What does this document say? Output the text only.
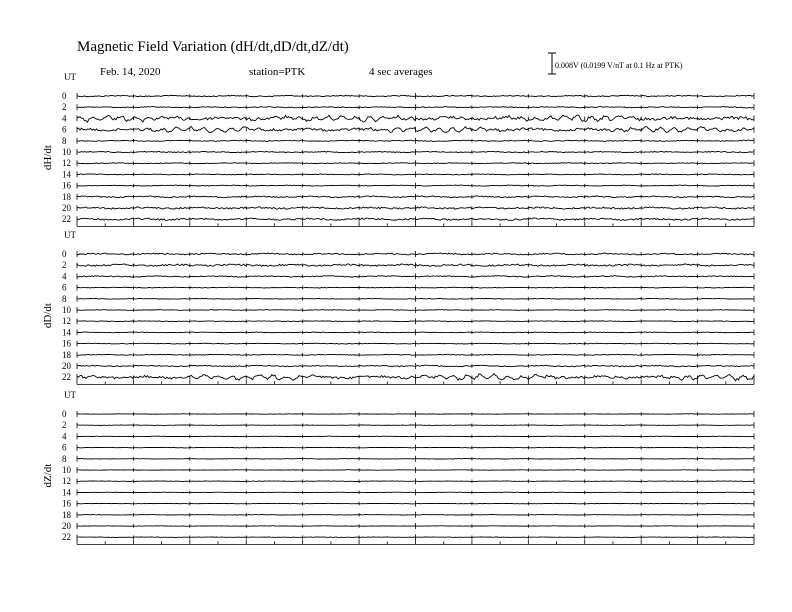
Magnetic Field Variation (dH/dt,dD/dt,dZ/dt)
Feb. 14, 2020	station=PTK	4 sec averages
0.008V (0.0199 V/nT at 0.1 Hz at PTK)
UT
dH/dt
0
2
4
6
8
10
12
14
16
18
20
22
UT
dD/dt
0
2
4
6
8
10
12
14
16
18
20
22
UT
dZ/dt
0
2
4
6
8
10
12
14
16
18
20
22
